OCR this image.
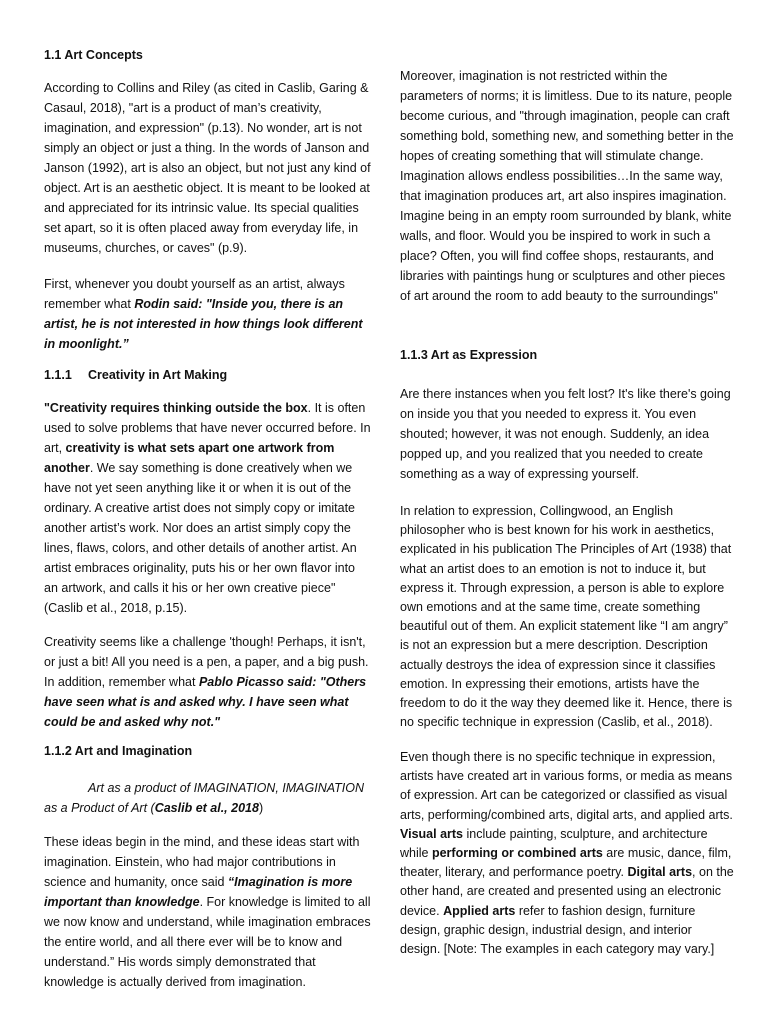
1.1 Art Concepts
According to Collins and Riley (as cited in Caslib, Garing & Casaul, 2018), "art is a product of man’s creativity, imagination, and expression" (p.13). No wonder, art is not simply an object or just a thing. In the words of Janson and Janson (1992), art is also an object, but not just any kind of object. Art is an aesthetic object. It is meant to be looked at and appreciated for its intrinsic value. Its special qualities set apart, so it is often placed away from everyday life, in museums, churches, or caves" (p.9).
First, whenever you doubt yourself as an artist, always remember what Rodin said: "Inside you, there is an artist, he is not interested in how things look different in moonlight.”
1.1.1 Creativity in Art Making
"Creativity requires thinking outside the box. It is often used to solve problems that have never occurred before. In art, creativity is what sets apart one artwork from another. We say something is done creatively when we have not yet seen anything like it or when it is out of the ordinary. A creative artist does not simply copy or imitate another artist’s work. Nor does an artist simply copy the lines, flaws, colors, and other details of another artist. An artist embraces originality, puts his or her own flavor into an artwork, and calls it his or her own creative piece" (Caslib et al., 2018, p.15).
Creativity seems like a challenge 'though! Perhaps, it isn't, or just a bit! All you need is a pen, a paper, and a big push. In addition, remember what Pablo Picasso said: "Others have seen what is and asked why. I have seen what could be and asked why not."
1.1.2 Art and Imagination
Art as a product of IMAGINATION, IMAGINATION as a Product of Art (Caslib et al., 2018)
These ideas begin in the mind, and these ideas start with imagination. Einstein, who had major contributions in science and humanity, once said “Imagination is more important than knowledge. For knowledge is limited to all we now know and understand, while imagination embraces the entire world, and all there ever will be to know and understand.” His words simply demonstrated that knowledge is actually derived from imagination.
Moreover, imagination is not restricted within the parameters of norms; it is limitless. Due to its nature, people become curious, and "through imagination, people can craft something bold, something new, and something better in the hopes of creating something that will stimulate change. Imagination allows endless possibilities…In the same way, that imagination produces art, art also inspires imagination. Imagine being in an empty room surrounded by blank, white walls, and floor. Would you be inspired to work in such a place? Often, you will find coffee shops, restaurants, and libraries with paintings hung or sculptures and other pieces of art around the room to add beauty to the surroundings"
1.1.3 Art as Expression
Are there instances when you felt lost? It's like there's going on inside you that you needed to express it. You even shouted; however, it was not enough. Suddenly, an idea popped up, and you realized that you needed to create something as a way of expressing yourself.
In relation to expression, Collingwood, an English philosopher who is best known for his work in aesthetics, explicated in his publication The Principles of Art (1938) that what an artist does to an emotion is not to induce it, but express it. Through expression, a person is able to explore own emotions and at the same time, create something beautiful out of them. An explicit statement like “I am angry” is not an expression but a mere description. Description actually destroys the idea of expression since it classifies emotion. In expressing their emotions, artists have the freedom to do it the way they deemed like it. Hence, there is no specific technique in expression (Caslib, et al., 2018).
Even though there is no specific technique in expression, artists have created art in various forms, or media as means of expression. Art can be categorized or classified as visual arts, performing/combined arts, digital arts, and applied arts. Visual arts include painting, sculpture, and architecture while performing or combined arts are music, dance, film, theater, literary, and performance poetry. Digital arts, on the other hand, are created and presented using an electronic device. Applied arts refer to fashion design, furniture design, graphic design, industrial design, and interior design. [Note: The examples in each category may vary.]
